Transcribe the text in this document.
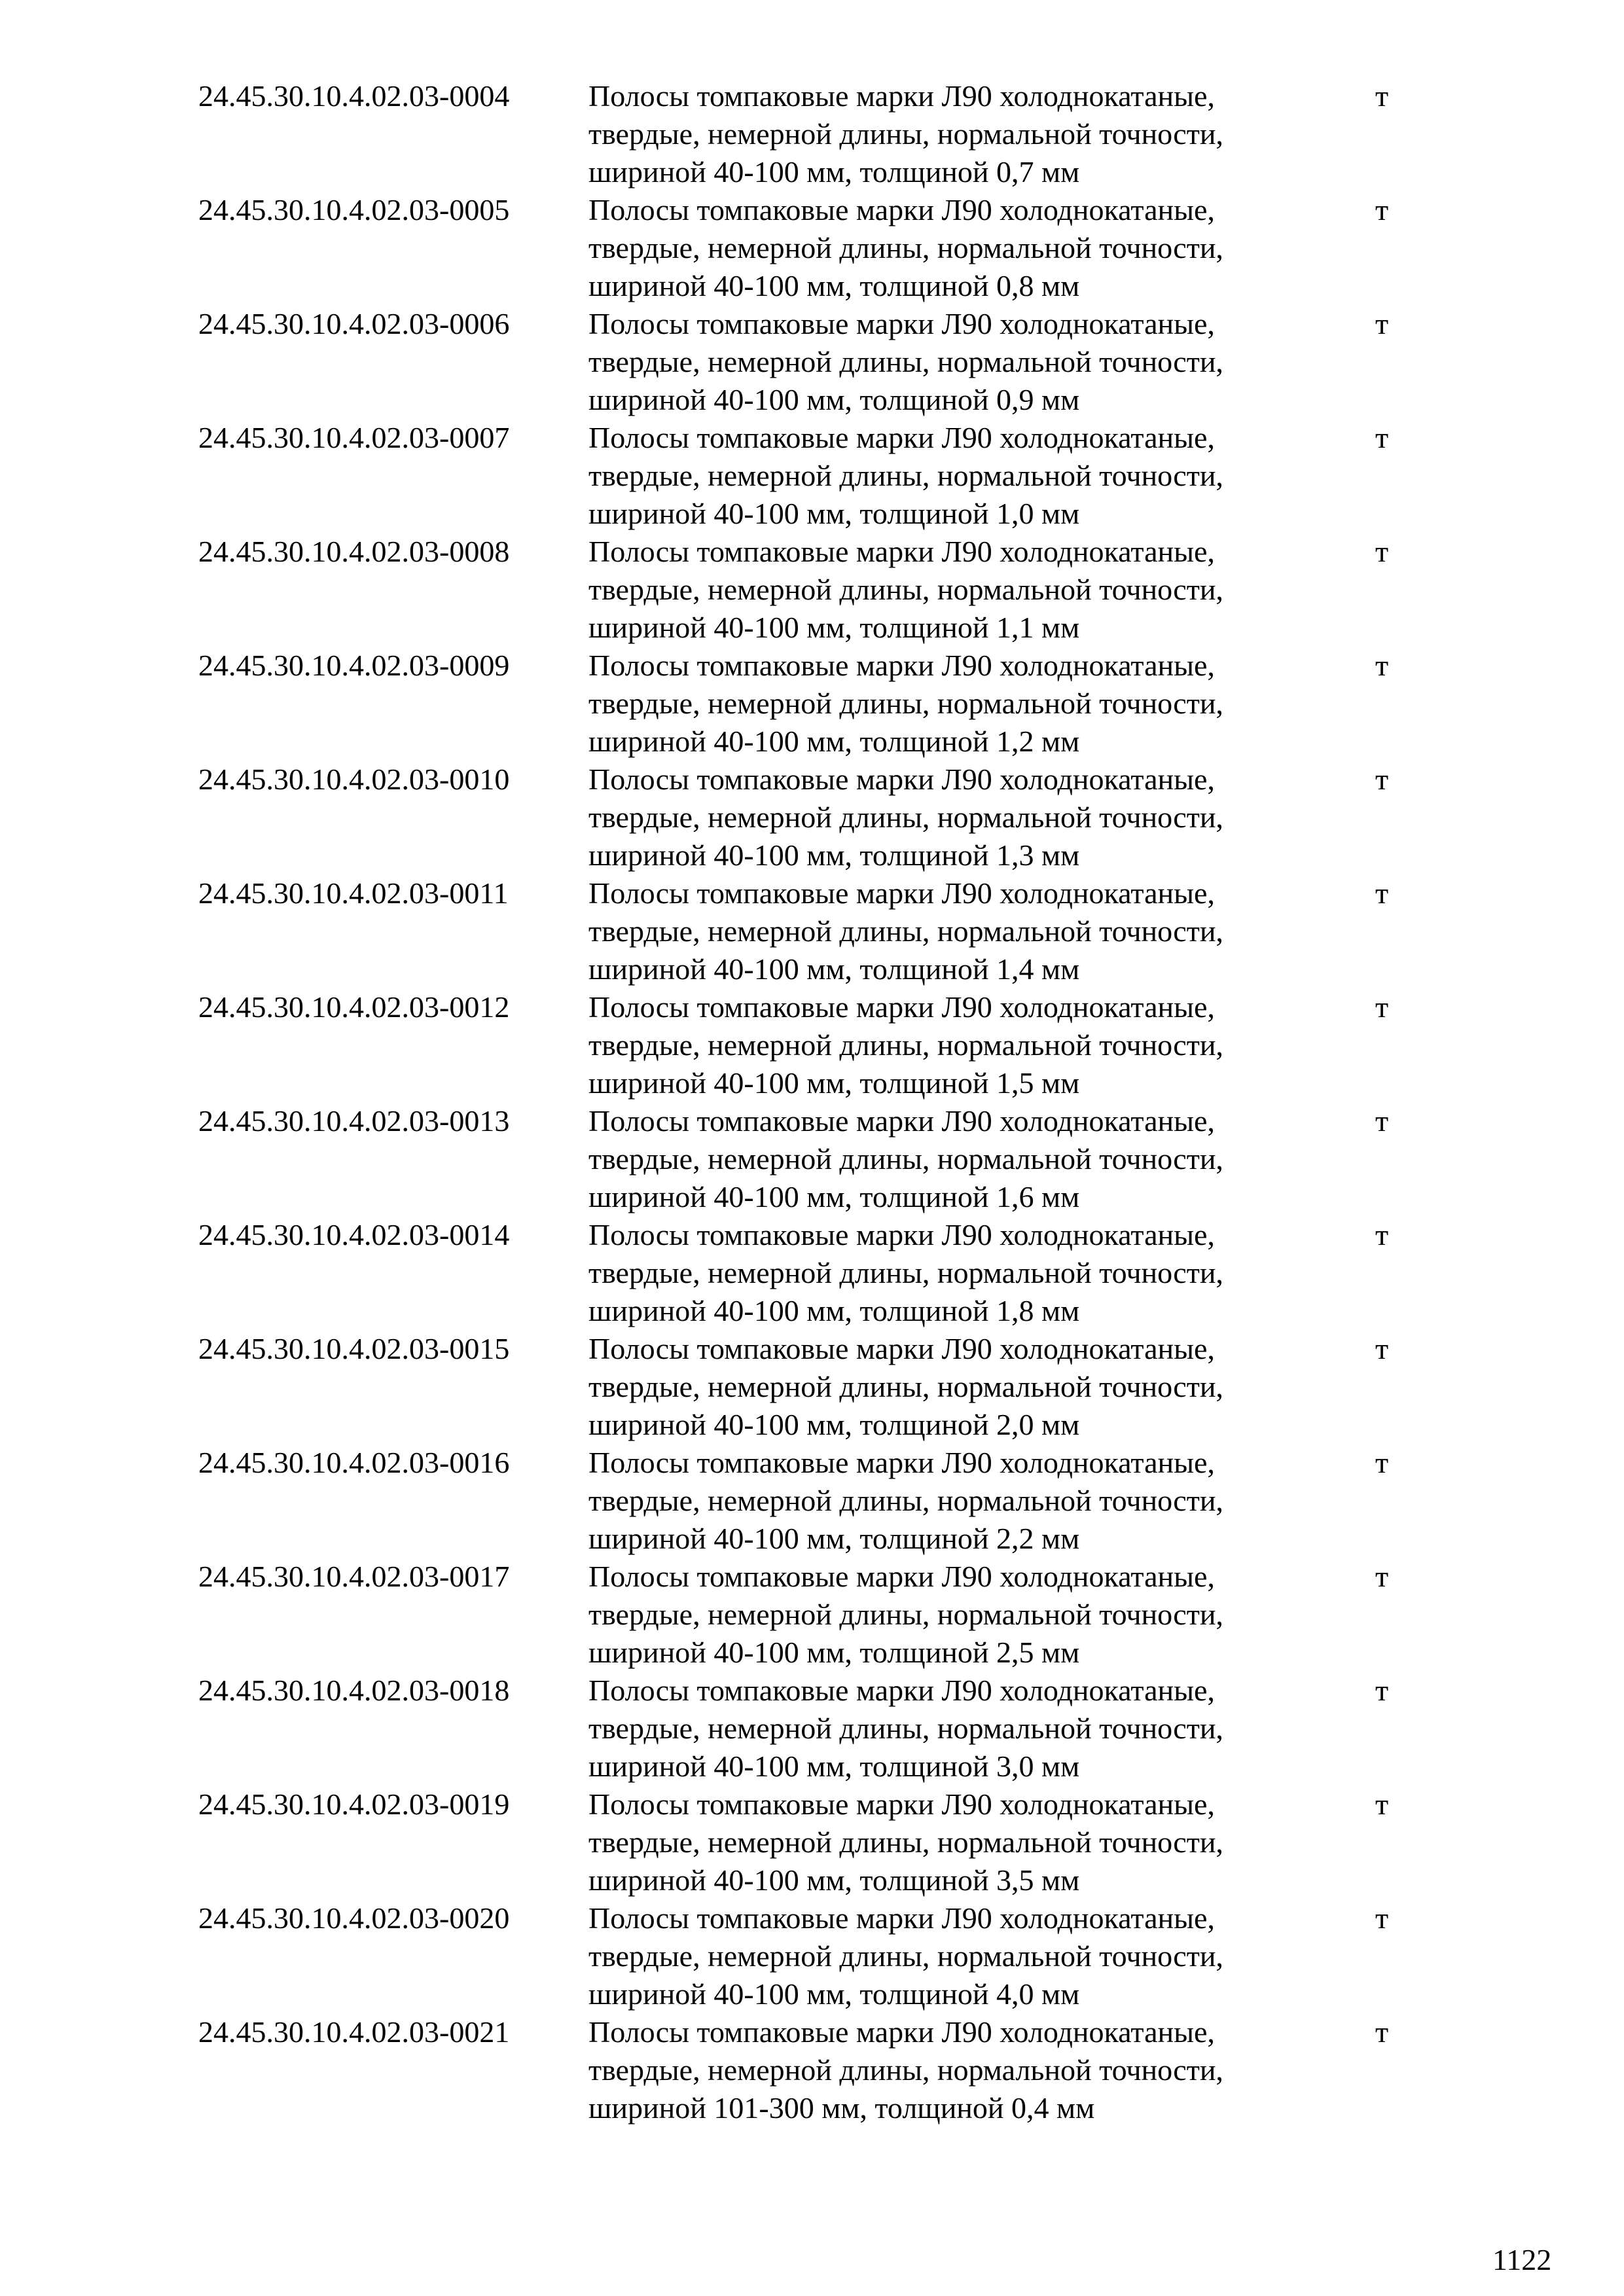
24.45.30.10.4.02.03-0004	Полосы томпаковые марки Л90 холоднокатаные,
твердые, немерной длины, нормальной точности,
шириной 40-100 мм, толщиной 0,7 мм
т
24.45.30.10.4.02.03-0005	Полосы томпаковые марки Л90 холоднокатаные,
твердые, немерной длины, нормальной точности,
шириной 40-100 мм, толщиной 0,8 мм
т
24.45.30.10.4.02.03-0006	Полосы томпаковые марки Л90 холоднокатаные,
твердые, немерной длины, нормальной точности,
шириной 40-100 мм, толщиной 0,9 мм
т
24.45.30.10.4.02.03-0007	Полосы томпаковые марки Л90 холоднокатаные,
твердые, немерной длины, нормальной точности,
шириной 40-100 мм, толщиной 1,0 мм
т
24.45.30.10.4.02.03-0008	Полосы томпаковые марки Л90 холоднокатаные,
твердые, немерной длины, нормальной точности,
шириной 40-100 мм, толщиной 1,1 мм
т
24.45.30.10.4.02.03-0009	Полосы томпаковые марки Л90 холоднокатаные,
твердые, немерной длины, нормальной точности,
шириной 40-100 мм, толщиной 1,2 мм
т
24.45.30.10.4.02.03-0010	Полосы томпаковые марки Л90 холоднокатаные,
твердые, немерной длины, нормальной точности,
шириной 40-100 мм, толщиной 1,3 мм
т
24.45.30.10.4.02.03-0011	Полосы томпаковые марки Л90 холоднокатаные,
твердые, немерной длины, нормальной точности,
шириной 40-100 мм, толщиной 1,4 мм
т
24.45.30.10.4.02.03-0012	Полосы томпаковые марки Л90 холоднокатаные,
твердые, немерной длины, нормальной точности,
шириной 40-100 мм, толщиной 1,5 мм
т
24.45.30.10.4.02.03-0013	Полосы томпаковые марки Л90 холоднокатаные,
твердые, немерной длины, нормальной точности,
шириной 40-100 мм, толщиной 1,6 мм
т
24.45.30.10.4.02.03-0014	Полосы томпаковые марки Л90 холоднокатаные,
твердые, немерной длины, нормальной точности,
шириной 40-100 мм, толщиной 1,8 мм
т
24.45.30.10.4.02.03-0015	Полосы томпаковые марки Л90 холоднокатаные,
твердые, немерной длины, нормальной точности,
шириной 40-100 мм, толщиной 2,0 мм
т
24.45.30.10.4.02.03-0016	Полосы томпаковые марки Л90 холоднокатаные,
твердые, немерной длины, нормальной точности,
шириной 40-100 мм, толщиной 2,2 мм
т
24.45.30.10.4.02.03-0017	Полосы томпаковые марки Л90 холоднокатаные,
твердые, немерной длины, нормальной точности,
шириной 40-100 мм, толщиной 2,5 мм
т
24.45.30.10.4.02.03-0018	Полосы томпаковые марки Л90 холоднокатаные,
твердые, немерной длины, нормальной точности,
шириной 40-100 мм, толщиной 3,0 мм
т
24.45.30.10.4.02.03-0019	Полосы томпаковые марки Л90 холоднокатаные,
твердые, немерной длины, нормальной точности,
шириной 40-100 мм, толщиной 3,5 мм
т
24.45.30.10.4.02.03-0020	Полосы томпаковые марки Л90 холоднокатаные,
твердые, немерной длины, нормальной точности,
шириной 40-100 мм, толщиной 4,0 мм
т
24.45.30.10.4.02.03-0021	Полосы томпаковые марки Л90 холоднокатаные,
твердые, немерной длины, нормальной точности,
шириной 101-300 мм, толщиной 0,4 мм
т
1122
